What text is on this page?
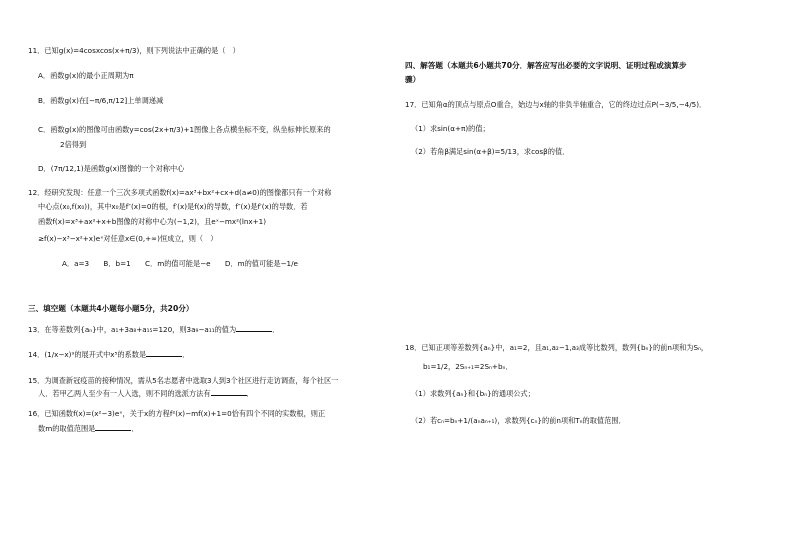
11．已知g(x)=4cosxcos(x+π/3)，则下列说法中正确的是（　）
A．函数g(x)的最小正周期为π
B．函数g(x)在[−π/6,π/12]上单调递减
C．函数g(x)的图像可由函数y=cos(2x+π/3)+1图像上各点横坐标不变，纵坐标伸长原来的
2倍得到
D．(7π/12,1)是函数g(x)图像的一个对称中心
12．经研究发现：任意一个三次多项式函数f(x)=ax³+bx²+cx+d(a≠0)的图像都只有一个对称
中心点(x₀,f(x₀))，其中x₀是f″(x)=0的根，f′(x)是f(x)的导数，f″(x)是f′(x)的导数．若
函数f(x)=x³+ax²+x+b图像的对称中心为(−1,2)，且eˣ−mx²(lnx+1)
≥f(x)−x³−x²+x)eˣ对任意x∈(0,+∞)恒成立，则（　）
A．a=3 B．b=1 C．m的值可能是−e D．m的值可能是−1/e
三、填空题（本题共4小题每小题5分，共20分）
13．在等差数列{aₙ}中，a₁+3a₈+a₁₅=120，则3a₉−a₁₁的值为	．
14．(1/x−x)⁹的展开式中x⁵的系数是	．
15．为调查新冠疫苗的接种情况，需从5名志愿者中选取3人到3个社区进行走访调查，每个社区一
人．若甲乙两人至少有一人入选，则不同的选派方法有	．
16．已知函数f(x)=(x²−3)eˣ，关于x的方程f²(x)−mf(x)+1=0恰有四个不同的实数根，则正
数m的取值范围是	．
四、解答题（本题共6小题共70分．解答应写出必要的文字说明、证明过程或演算步
骤）
17．已知角α的顶点与原点O重合，始边与x轴的非负半轴重合，它的终边过点P(−3/5,−4/5)．
（1）求sin(α+π)的值；
（2）若角β满足sin(α+β)=5/13，求cosβ的值．
18．已知正项等差数列{aₙ}中，a₁=2，且a₁,a₂−1,a₃成等比数列，数列{bₙ}的前n项和为Sₙ，
b₁=1/2，2Sₙ₊₁=2Sₙ+bₙ．
（1）求数列{aₙ}和{bₙ}的通项公式；
（2）若cₙ=bₙ+1/(aₙaₙ₊₁)，求数列{cₙ}的前n项和Tₙ的取值范围．
